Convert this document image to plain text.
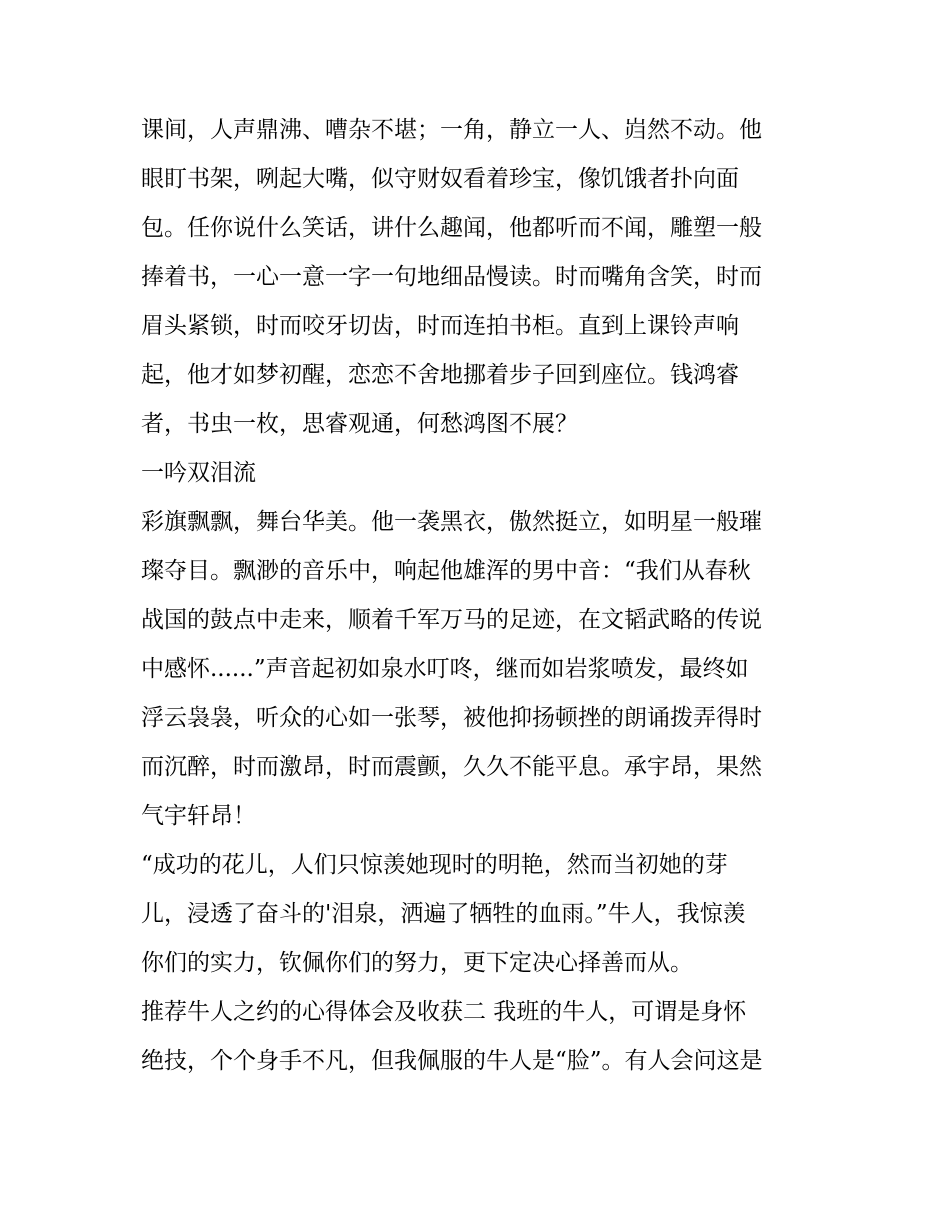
课间，人声鼎沸、嘈杂不堪；一角，静立一人、岿然不动。他
眼盯书架，咧起大嘴，似守财奴看着珍宝，像饥饿者扑向面
包。任你说什么笑话，讲什么趣闻，他都听而不闻，雕塑一般
捧着书，一心一意一字一句地细品慢读。时而嘴角含笑，时而
眉头紧锁，时而咬牙切齿，时而连拍书柜。直到上课铃声响
起，他才如梦初醒，恋恋不舍地挪着步子回到座位。钱鸿睿
者，书虫一枚，思睿观通，何愁鸿图不展？
一吟双泪流
彩旗飘飘，舞台华美。他一袭黑衣，傲然挺立，如明星一般璀
璨夺目。飘渺的音乐中，响起他雄浑的男中音：“我们从春秋
战国的鼓点中走来，顺着千军万马的足迹，在文韬武略的传说
中感怀......”声音起初如泉水叮咚，继而如岩浆喷发，最终如
浮云袅袅，听众的心如一张琴，被他抑扬顿挫的朗诵拨弄得时
而沉醉，时而激昂，时而震颤，久久不能平息。承宇昂，果然
气宇轩昂！
“成功的花儿，人们只惊羡她现时的明艳，然而当初她的芽
儿，浸透了奋斗的'泪泉，洒遍了牺牲的血雨。”牛人，我惊羡
你们的实力，钦佩你们的努力，更下定决心择善而从。
推荐牛人之约的心得体会及收获二 我班的牛人，可谓是身怀
绝技，个个身手不凡，但我佩服的牛人是“脸”。有人会问这是
